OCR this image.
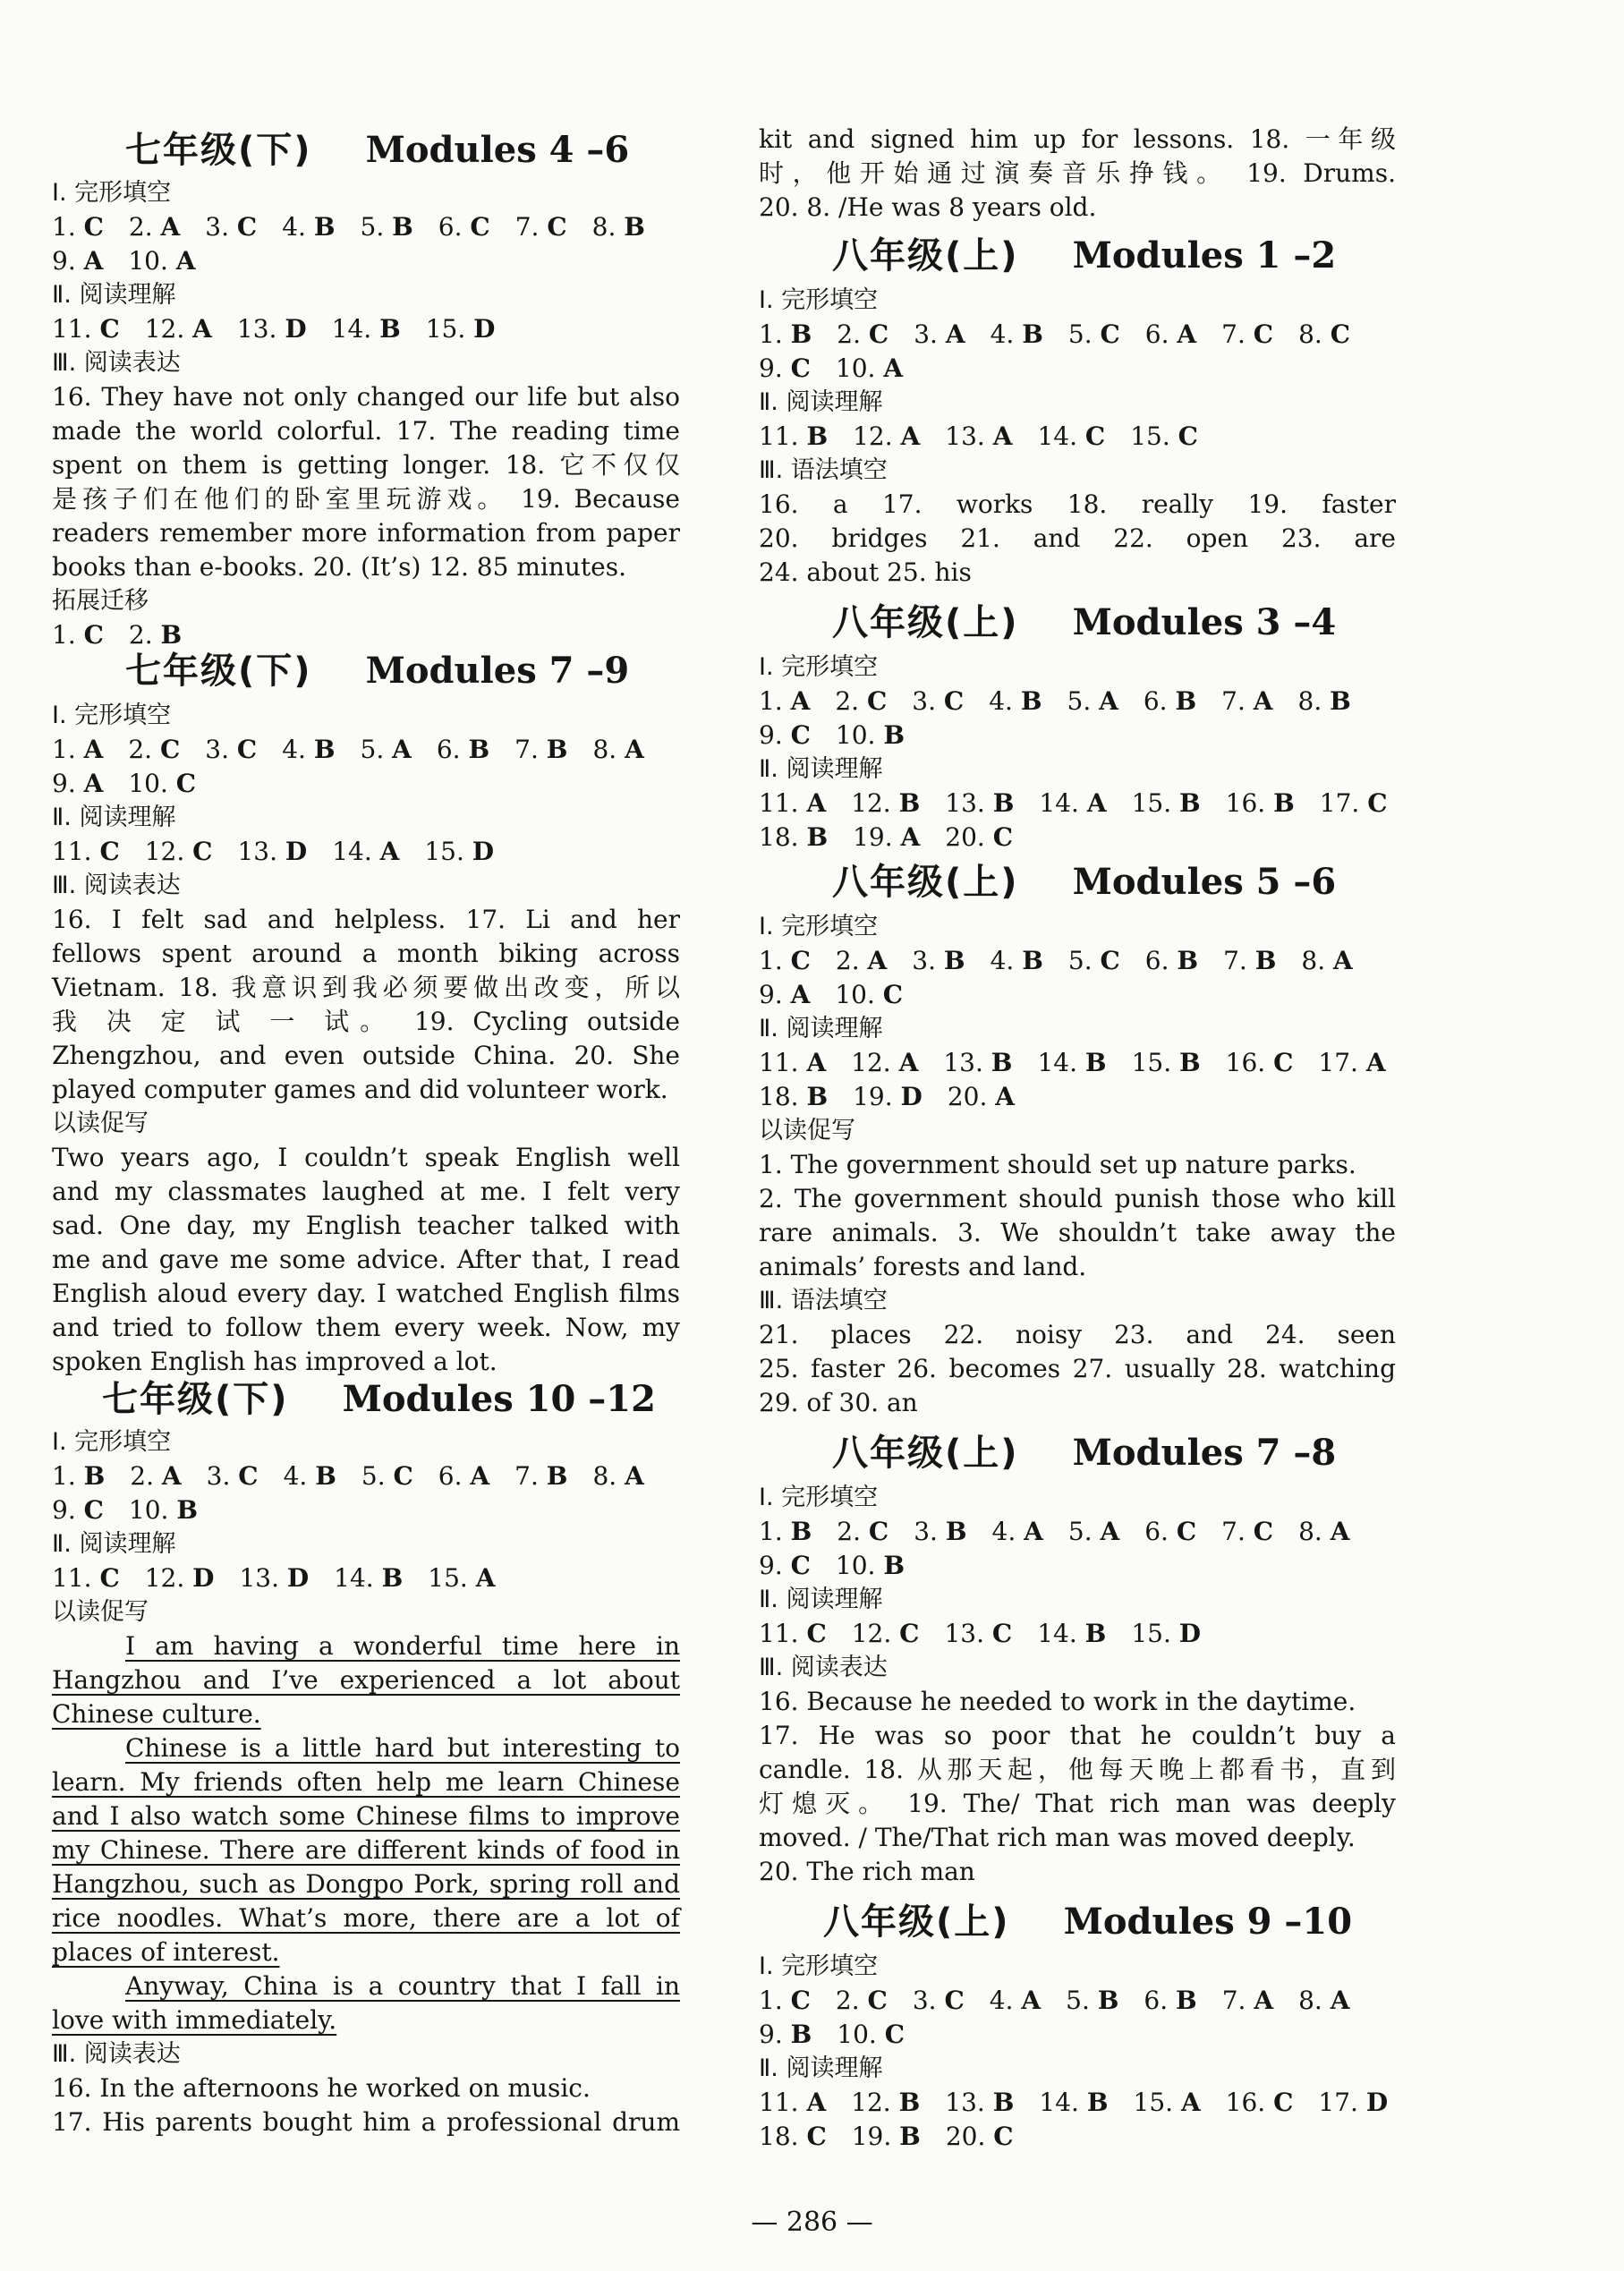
七年级(下) Modules 4 –6
Ⅰ. 完形填空
1. C 2. A 3. C 4. B 5. B 6. C 7. C 8. B
9. A 10. A
Ⅱ. 阅读理解
11. C 12. A 13. D 14. B 15. D
Ⅲ. 阅读表达
16. They have not only changed our life but also
made the world colorful. 17. The reading time
spent on them is getting longer. 18. 它不仅仅
是孩子们在他们的卧室里玩游戏。 19. Because
readers remember more information from paper
books than e-books. 20. (It’s) 12. 85 minutes.
拓展迁移
1. C 2. B
七年级(下) Modules 7 –9
Ⅰ. 完形填空
1. A 2. C 3. C 4. B 5. A 6. B 7. B 8. A
9. A 10. C
Ⅱ. 阅读理解
11. C 12. C 13. D 14. A 15. D
Ⅲ. 阅读表达
16. I felt sad and helpless. 17. Li and her
fellows spent around a month biking across
Vietnam. 18. 我意识到我必须要做出改变，所以
我 决 定 试 一 试。 19. Cycling outside
Zhengzhou, and even outside China. 20. She
played computer games and did volunteer work.
以读促写
Two years ago, I couldn’t speak English well
and my classmates laughed at me. I felt very
sad. One day, my English teacher talked with
me and gave me some advice. After that, I read
English aloud every day. I watched English films
and tried to follow them every week. Now, my
spoken English has improved a lot.
七年级(下) Modules 10 –12
Ⅰ. 完形填空
1. B 2. A 3. C 4. B 5. C 6. A 7. B 8. A
9. C 10. B
Ⅱ. 阅读理解
11. C 12. D 13. D 14. B 15. A
以读促写
I am having a wonderful time here in
Hangzhou and I’ve experienced a lot about
Chinese culture.
Chinese is a little hard but interesting to
learn. My friends often help me learn Chinese
and I also watch some Chinese films to improve
my Chinese. There are different kinds of food in
Hangzhou, such as Dongpo Pork, spring roll and
rice noodles. What’s more, there are a lot of
places of interest.
Anyway, China is a country that I fall in
love with immediately.
Ⅲ. 阅读表达
16. In the afternoons he worked on music.
17. His parents bought him a professional drum
kit and signed him up for lessons. 18. 一年级
时，他开始通过演奏音乐挣钱。 19. Drums.
20. 8. /He was 8 years old.
八年级(上) Modules 1 –2
Ⅰ. 完形填空
1. B 2. C 3. A 4. B 5. C 6. A 7. C 8. C
9. C 10. A
Ⅱ. 阅读理解
11. B 12. A 13. A 14. C 15. C
Ⅲ. 语法填空
16. a 17. works 18. really 19. faster
20. bridges 21. and 22. open 23. are
24. about 25. his
八年级(上) Modules 3 –4
Ⅰ. 完形填空
1. A 2. C 3. C 4. B 5. A 6. B 7. A 8. B
9. C 10. B
Ⅱ. 阅读理解
11. A 12. B 13. B 14. A 15. B 16. B 17. C
18. B 19. A 20. C
八年级(上) Modules 5 –6
Ⅰ. 完形填空
1. C 2. A 3. B 4. B 5. C 6. B 7. B 8. A
9. A 10. C
Ⅱ. 阅读理解
11. A 12. A 13. B 14. B 15. B 16. C 17. A
18. B 19. D 20. A
以读促写
1. The government should set up nature parks.
2. The government should punish those who kill
rare animals. 3. We shouldn’t take away the
animals’ forests and land.
Ⅲ. 语法填空
21. places 22. noisy 23. and 24. seen
25. faster 26. becomes 27. usually 28. watching
29. of 30. an
八年级(上) Modules 7 –8
Ⅰ. 完形填空
1. B 2. C 3. B 4. A 5. A 6. C 7. C 8. A
9. C 10. B
Ⅱ. 阅读理解
11. C 12. C 13. C 14. B 15. D
Ⅲ. 阅读表达
16. Because he needed to work in the daytime.
17. He was so poor that he couldn’t buy a
candle. 18. 从那天起，他每天晚上都看书，直到
灯熄灭。 19. The/ That rich man was deeply
moved. / The/That rich man was moved deeply.
20. The rich man
八年级(上) Modules 9 –10
Ⅰ. 完形填空
1. C 2. C 3. C 4. A 5. B 6. B 7. A 8. A
9. B 10. C
Ⅱ. 阅读理解
11. A 12. B 13. B 14. B 15. A 16. C 17. D
18. C 19. B 20. C
— 286 —
